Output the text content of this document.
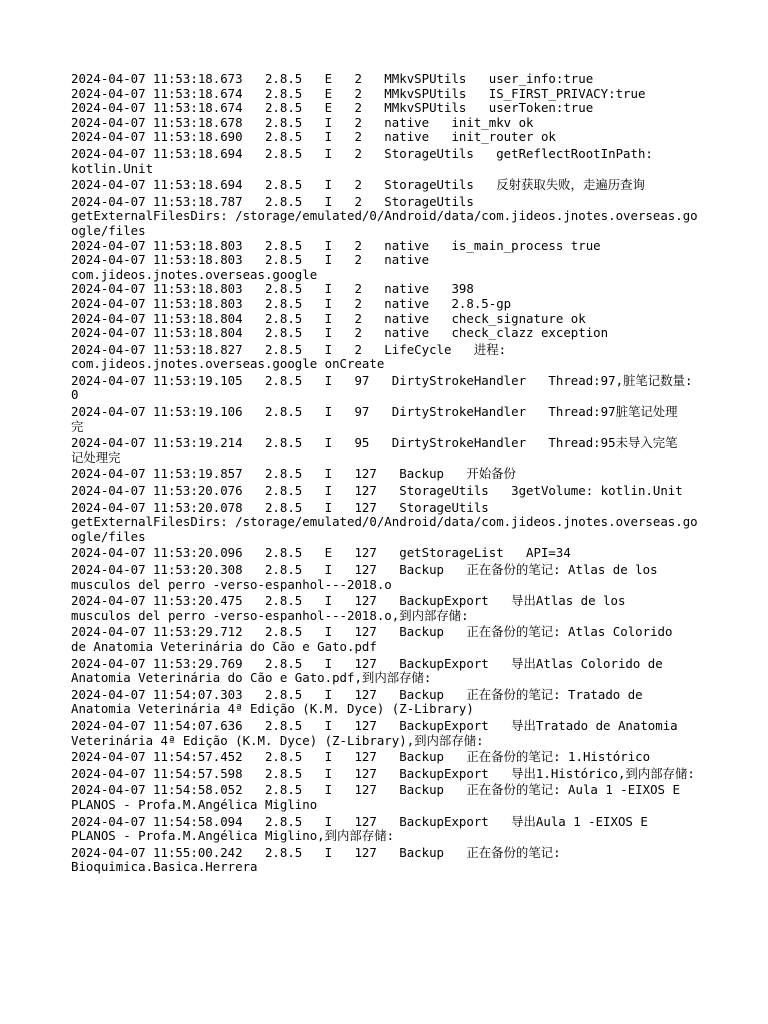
2024-04-07 11:53:18.673   2.8.5   E   2   MMkvSPUtils   user_info:true
2024-04-07 11:53:18.674   2.8.5   E   2   MMkvSPUtils   IS_FIRST_PRIVACY:true
2024-04-07 11:53:18.674   2.8.5   E   2   MMkvSPUtils   userToken:true
2024-04-07 11:53:18.678   2.8.5   I   2   native   init_mkv ok
2024-04-07 11:53:18.690   2.8.5   I   2   native   init_router ok
2024-04-07 11:53:18.694   2.8.5   I   2   StorageUtils   getReflectRootInPath:
kotlin.Unit
2024-04-07 11:53:18.694   2.8.5   I   2   StorageUtils   反射获取失败，走遍历查询
2024-04-07 11:53:18.787   2.8.5   I   2   StorageUtils
getExternalFilesDirs: /storage/emulated/0/Android/data/com.jideos.jnotes.overseas.google/files
2024-04-07 11:53:18.803   2.8.5   I   2   native   is_main_process true
2024-04-07 11:53:18.803   2.8.5   I   2   native
com.jideos.jnotes.overseas.google
2024-04-07 11:53:18.803   2.8.5   I   2   native   398
2024-04-07 11:53:18.803   2.8.5   I   2   native   2.8.5-gp
2024-04-07 11:53:18.804   2.8.5   I   2   native   check_signature ok
2024-04-07 11:53:18.804   2.8.5   I   2   native   check_clazz exception
2024-04-07 11:53:18.827   2.8.5   I   2   LifeCycle   进程:
com.jideos.jnotes.overseas.google onCreate
2024-04-07 11:53:19.105   2.8.5   I   97   DirtyStrokeHandler   Thread:97,脏笔记数量:
0
2024-04-07 11:53:19.106   2.8.5   I   97   DirtyStrokeHandler   Thread:97脏笔记处理
完
2024-04-07 11:53:19.214   2.8.5   I   95   DirtyStrokeHandler   Thread:95未导入完笔
记处理完
2024-04-07 11:53:19.857   2.8.5   I   127   Backup   开始备份
2024-04-07 11:53:20.076   2.8.5   I   127   StorageUtils   3getVolume: kotlin.Unit
2024-04-07 11:53:20.078   2.8.5   I   127   StorageUtils
getExternalFilesDirs: /storage/emulated/0/Android/data/com.jideos.jnotes.overseas.google/files
2024-04-07 11:53:20.096   2.8.5   E   127   getStorageList   API=34
2024-04-07 11:53:20.308   2.8.5   I   127   Backup   正在备份的笔记: Atlas de los
musculos del perro -verso-espanhol---2018.o
2024-04-07 11:53:20.475   2.8.5   I   127   BackupExport   导出Atlas de los
musculos del perro -verso-espanhol---2018.o,到内部存储:
2024-04-07 11:53:29.712   2.8.5   I   127   Backup   正在备份的笔记: Atlas Colorido
de Anatomia Veterinária do Cão e Gato.pdf
2024-04-07 11:53:29.769   2.8.5   I   127   BackupExport   导出Atlas Colorido de
Anatomia Veterinária do Cão e Gato.pdf,到内部存储:
2024-04-07 11:54:07.303   2.8.5   I   127   Backup   正在备份的笔记: Tratado de
Anatomia Veterinária 4ª Edição (K.M. Dyce) (Z-Library)
2024-04-07 11:54:07.636   2.8.5   I   127   BackupExport   导出Tratado de Anatomia
Veterinária 4ª Edição (K.M. Dyce) (Z-Library),到内部存储:
2024-04-07 11:54:57.452   2.8.5   I   127   Backup   正在备份的笔记: 1.Histórico
2024-04-07 11:54:57.598   2.8.5   I   127   BackupExport   导出1.Histórico,到内部存储:
2024-04-07 11:54:58.052   2.8.5   I   127   Backup   正在备份的笔记: Aula 1 -EIXOS E
PLANOS - Profa.M.Angélica Miglino
2024-04-07 11:54:58.094   2.8.5   I   127   BackupExport   导出Aula 1 -EIXOS E
PLANOS - Profa.M.Angélica Miglino,到内部存储:
2024-04-07 11:55:00.242   2.8.5   I   127   Backup   正在备份的笔记:
Bioquimica.Basica.Herrera
